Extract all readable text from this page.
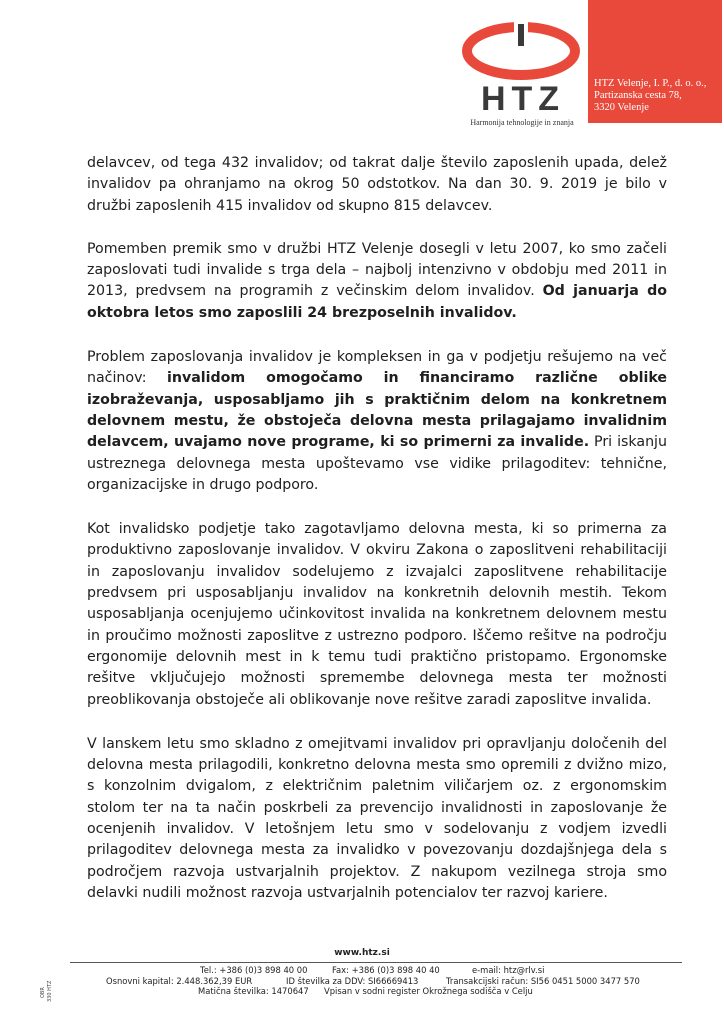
HTZ
Harmonija tehnologije in znanja
HTZ Velenje, I. P., d. o. o.,
Partizanska cesta 78,
3320 Velenje

delavcev, od tega 432 invalidov; od takrat dalje število zaposlenih upada, delež invalidov pa ohranjamo na okrog 50 odstotkov. Na dan 30. 9. 2019 je bilo v družbi zaposlenih 415 invalidov od skupno 815 delavcev.

Pomemben premik smo v družbi HTZ Velenje dosegli v letu 2007, ko smo začeli zaposlovati tudi invalide s trga dela – najbolj intenzivno v obdobju med 2011 in 2013, predvsem na programih z večinskim delom invalidov. Od januarja do oktobra letos smo zaposlili 24 brezposelnih invalidov.

Problem zaposlovanja invalidov je kompleksen in ga v podjetju rešujemo na več načinov: invalidom omogočamo in financiramo različne oblike izobraževanja, usposabljamo jih s praktičnim delom na konkretnem delovnem mestu, že obstoječa delovna mesta prilagajamo invalidnim delavcem, uvajamo nove programe, ki so primerni za invalide. Pri iskanju ustreznega delovnega mesta upoštevamo vse vidike prilagoditev: tehnične, organizacijske in drugo podporo.

Kot invalidsko podjetje tako zagotavljamo delovna mesta, ki so primerna za produktivno zaposlovanje invalidov. V okviru Zakona o zaposlitveni rehabilitaciji in zaposlovanju invalidov sodelujemo z izvajalci zaposlitvene rehabilitacije predvsem pri usposabljanju invalidov na konkretnih delovnih mestih. Tekom usposabljanja ocenjujemo učinkovitost invalida na konkretnem delovnem mestu in proučimo možnosti zaposlitve z ustrezno podporo. Iščemo rešitve na področju ergonomije delovnih mest in k temu tudi praktično pristopamo. Ergonomske rešitve vključujejo možnosti spremembe delovnega mesta ter možnosti preoblikovanja obstoječe ali oblikovanje nove rešitve zaradi zaposlitve invalida.

V lanskem letu smo skladno z omejitvami invalidov pri opravljanju določenih del delovna mesta prilagodili, konkretno delovna mesta smo opremili z dvižno mizo, s konzolnim dvigalom, z električnim paletnim viličarjem oz. z ergonomskim stolom ter na ta način poskrbeli za prevencijo invalidnosti in zaposlovanje že ocenjenih invalidov. V letošnjem letu smo v sodelovanju z vodjem izvedli prilagoditev delovnega mesta za invalidko v povezovanju dozdajšnjega dela s področjem razvoja ustvarjalnih projektov. Z nakupom vezilnega stroja smo delavki nudili možnost razvoja ustvarjalnih potencialov ter razvoj kariere.

www.htz.si
Tel.: +386 (0)3 898 40 00	Fax: +386 (0)3 898 40 40	e-mail: htz@rlv.si
Osnovni kapital: 2.448.362,39 EUR	ID številka za DDV: SI66669413	Transakcijski račun: SI56 0451 5000 3477 570
Matična številka: 1470647 Vpisan v sodni register Okrožnega sodišča v Celju
OBR 330 HTZ
